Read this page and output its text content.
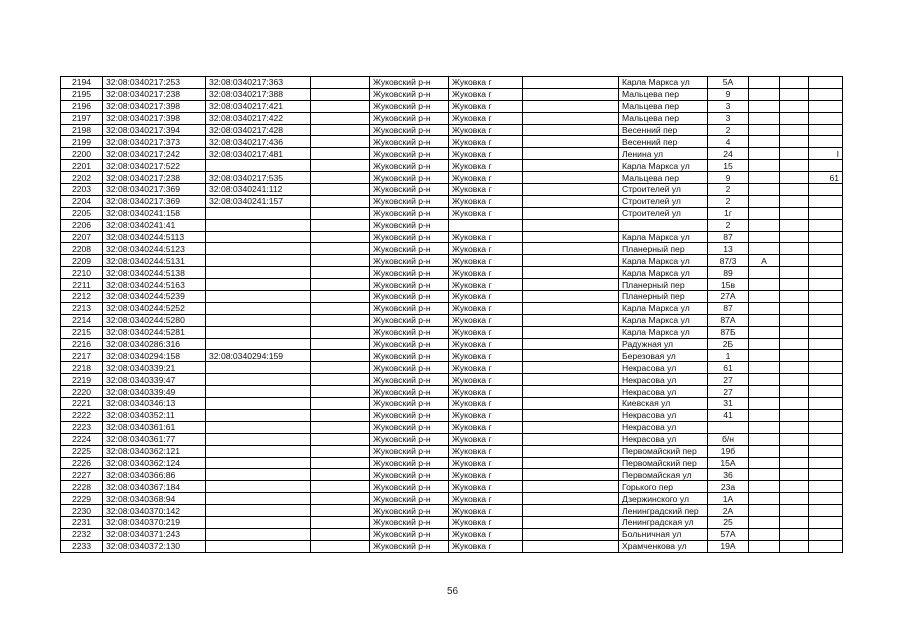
2194	32:08:0340217:253	32:08:0340217:363		Жуковский р-н	Жуковка г		Карла Маркса ул	5А			
2195	32:08:0340217:238	32:08:0340217:388		Жуковский р-н	Жуковка г		Мальцева пер	9			
2196	32:08:0340217:398	32:08:0340217:421		Жуковский р-н	Жуковка г		Мальцева пер	3			
2197	32:08:0340217:398	32:08:0340217:422		Жуковский р-н	Жуковка г		Мальцева пер	3			
2198	32:08:0340217:394	32:08:0340217:428		Жуковский р-н	Жуковка г		Весенний пер	2			
2199	32:08:0340217:373	32:08:0340217:436		Жуковский р-н	Жуковка г		Весенний пер	4			
2200	32:08:0340217:242	32:08:0340217:481		Жуковский р-н	Жуковка г		Ленина ул	24			I
2201	32:08:0340217:522			Жуковский р-н	Жуковка г		Карла Маркса ул	15			
2202	32:08:0340217:238	32:08:0340217:535		Жуковский р-н	Жуковка г		Мальцева пер	9			61
2203	32:08:0340217:369	32:08:0340241:112		Жуковский р-н	Жуковка г		Строителей ул	2			
2204	32:08:0340217:369	32:08:0340241:157		Жуковский р-н	Жуковка г		Строителей ул	2			
2205	32:08:0340241:158			Жуковский р-н	Жуковка г		Строителей ул	1г			
2206	32:08:0340241:41			Жуковский р-н				2			
2207	32:08:0340244:5113			Жуковский р-н	Жуковка г		Карла Маркса ул	87			
2208	32:08:0340244:5123			Жуковский р-н	Жуковка г		Планерный пер	13			
2209	32:08:0340244:5131			Жуковский р-н	Жуковка г		Карла Маркса ул	87/3	А		
2210	32:08:0340244:5138			Жуковский р-н	Жуковка г		Карла Маркса ул	89			
2211	32:08:0340244:5163			Жуковский р-н	Жуковка г		Планерный пер	15в			
2212	32:08:0340244:5239			Жуковский р-н	Жуковка г		Планерный пер	27А			
2213	32:08:0340244:5252			Жуковский р-н	Жуковка г		Карла Маркса ул	87			
2214	32:08:0340244:5280			Жуковский р-н	Жуковка г		Карла Маркса ул	87А			
2215	32:08:0340244:5281			Жуковский р-н	Жуковка г		Карла Маркса ул	87Б			
2216	32:08:0340286:316			Жуковский р-н	Жуковка г		Радужная ул	2Б			
2217	32:08:0340294:158	32:08:0340294:159		Жуковский р-н	Жуковка г		Березовая ул	1			
2218	32:08:0340339:21			Жуковский р-н	Жуковка г		Некрасова ул	61			
2219	32:08:0340339:47			Жуковский р-н	Жуковка г		Некрасова ул	27			
2220	32:08:0340339:49			Жуковский р-н	Жуковка г		Некрасова ул	27			
2221	32:08:0340346:13			Жуковский р-н	Жуковка г		Киевская ул	31			
2222	32:08:0340352:11			Жуковский р-н	Жуковка г		Некрасова ул	41			
2223	32:08:0340361:61			Жуковский р-н	Жуковка г		Некрасова ул				
2224	32:08:0340361:77			Жуковский р-н	Жуковка г		Некрасова ул	б/н			
2225	32:08:0340362:121			Жуковский р-н	Жуковка г		Первомайский пер	19б			
2226	32:08:0340362:124			Жуковский р-н	Жуковка г		Первомайский пер	15А			
2227	32:08:0340366:86			Жуковский р-н	Жуковка г		Первомайская ул	36			
2228	32:08:0340367:184			Жуковский р-н	Жуковка г		Горького пер	23а			
2229	32:08:0340368:94			Жуковский р-н	Жуковка г		Дзержинского ул	1А			
2230	32:08:0340370:142			Жуковский р-н	Жуковка г		Ленинградский пер	2А			
2231	32:08:0340370:219			Жуковский р-н	Жуковка г		Ленинградская ул	25			
2232	32:08:0340371:243			Жуковский р-н	Жуковка г		Больничная ул	57А			
2233	32:08:0340372:130			Жуковский р-н	Жуковка г		Храмченкова ул	19А			
56
